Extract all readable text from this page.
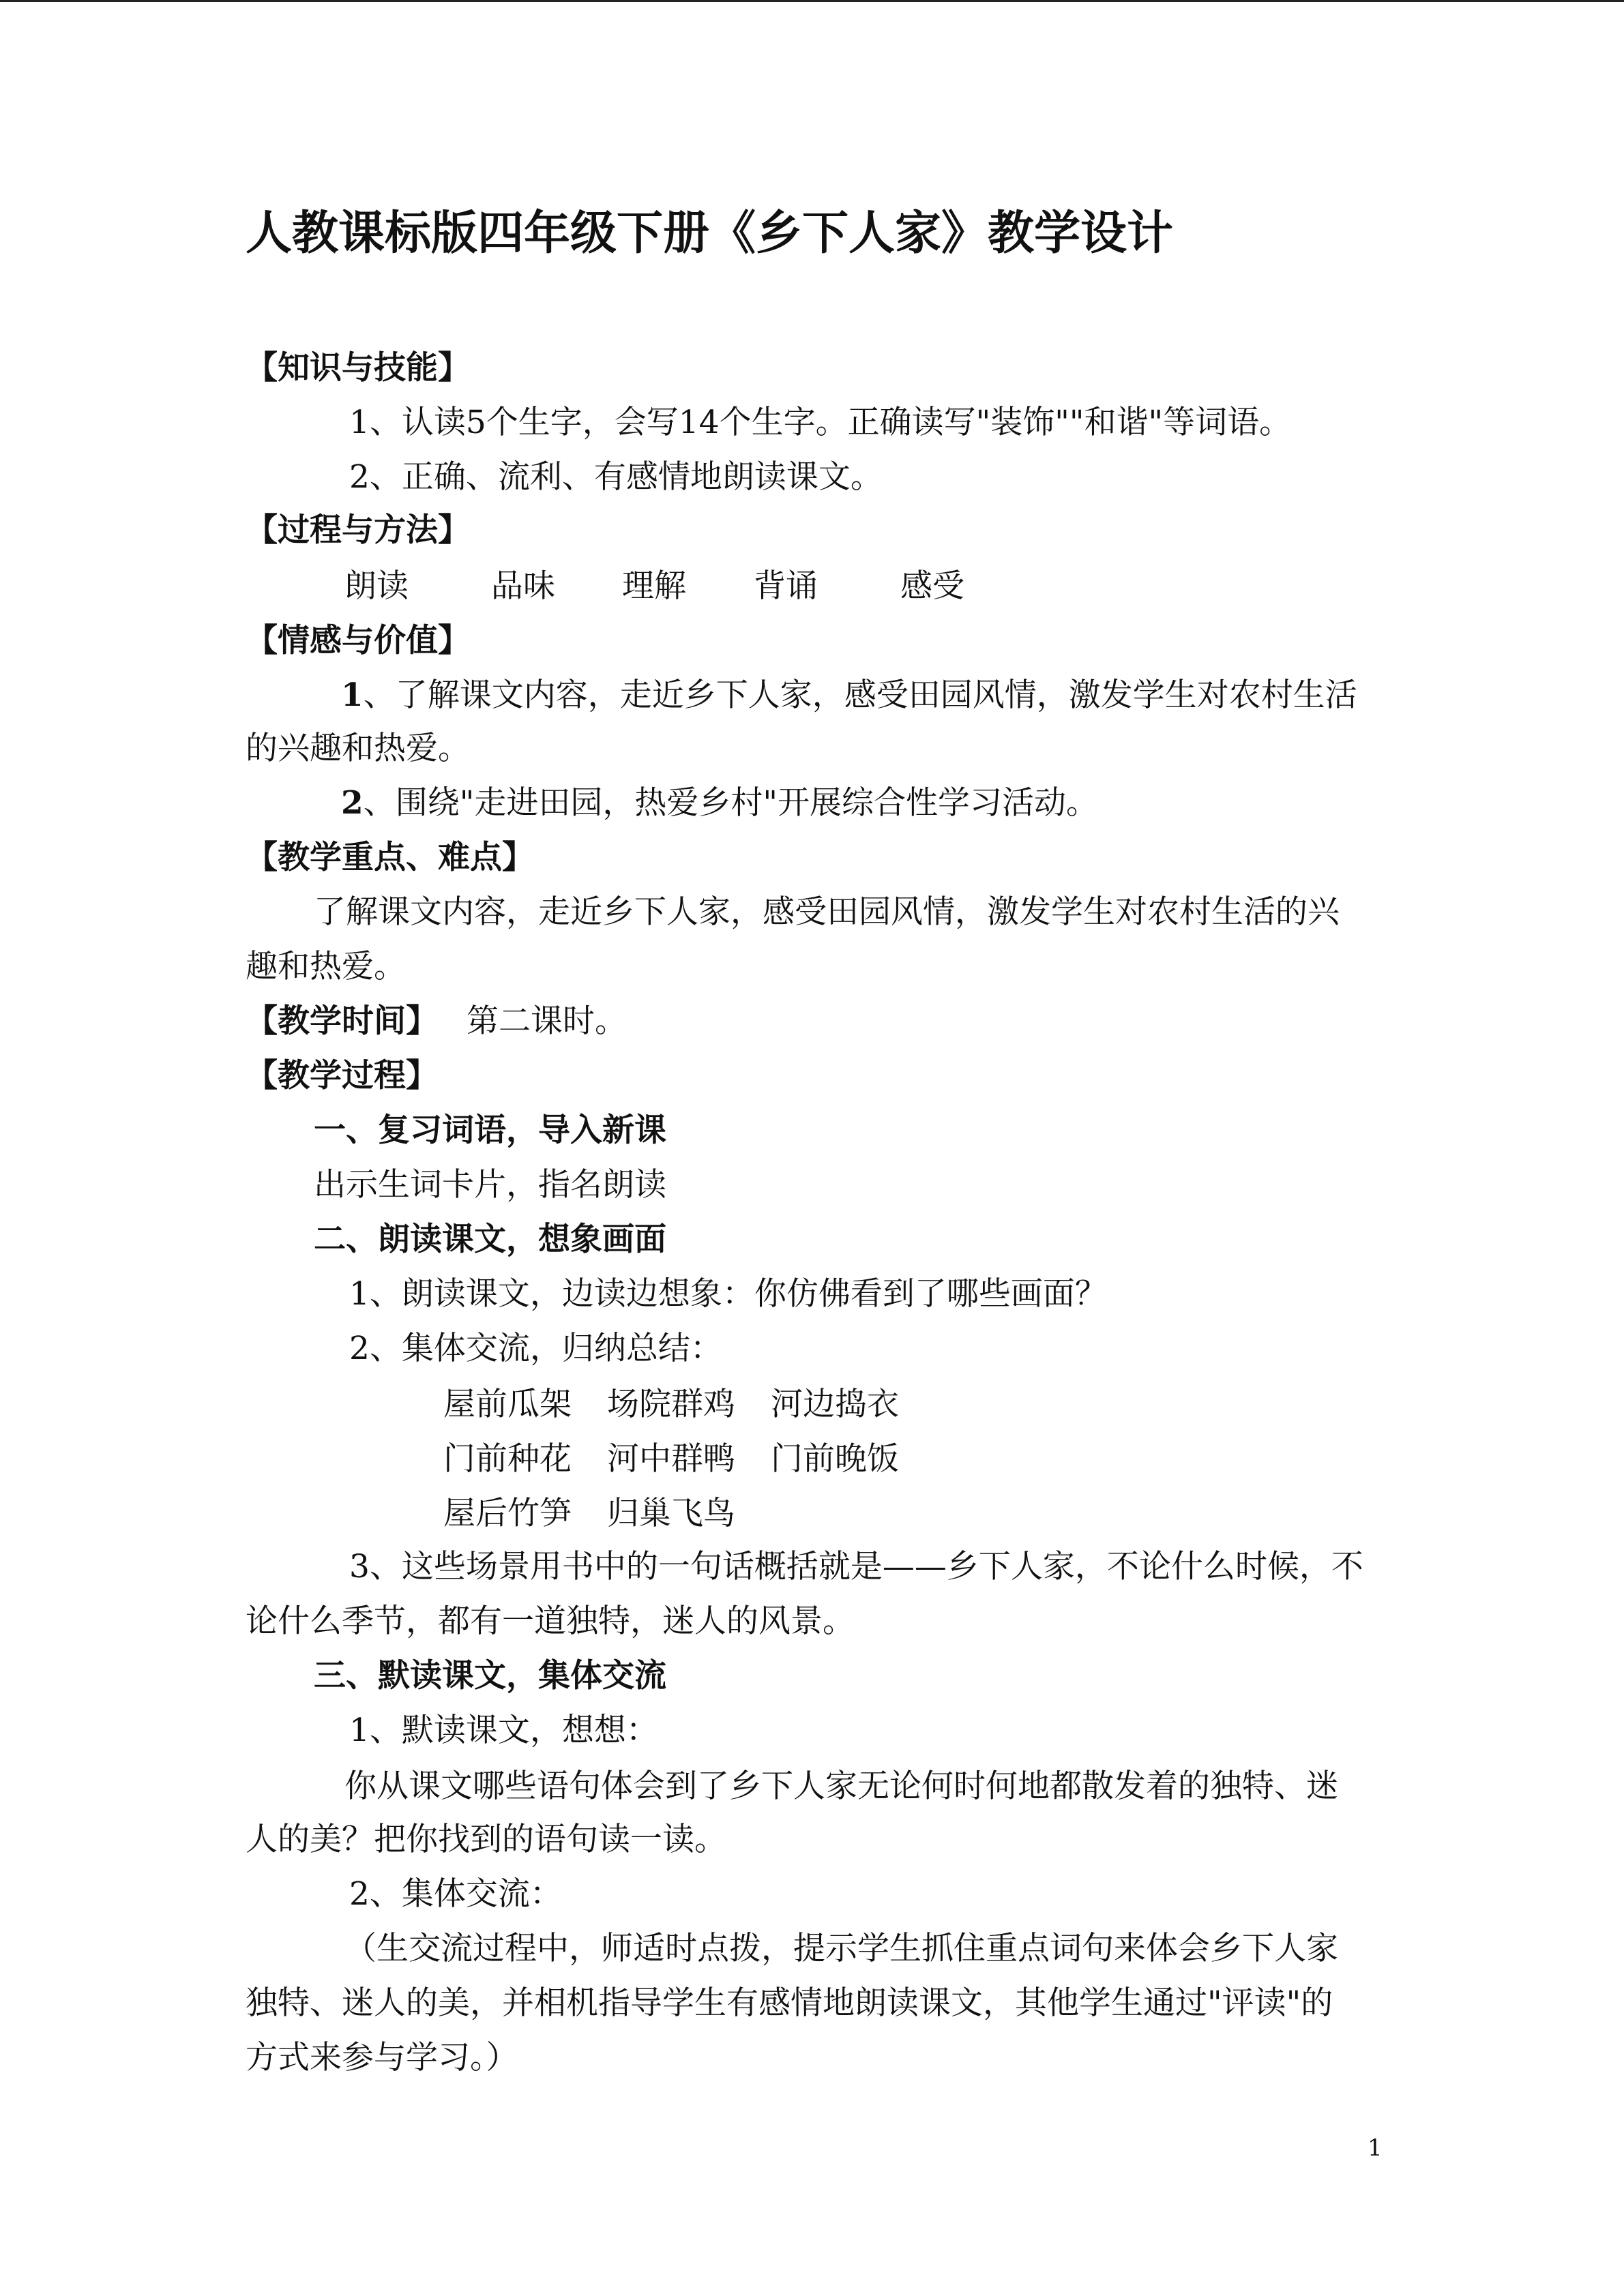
人教课标版四年级下册《乡下人家》教学设计
【知识与技能】
1、认读5个生字，会写14个生字。正确读写"装饰""和谐"等词语。
2、正确、流利、有感情地朗读课文。
【过程与方法】
朗读	品味 理解 背诵	感受
【情感与价值】
1、了解课文内容，走近乡下人家，感受田园风情，激发学生对农村生活
的兴趣和热爱。
2、围绕"走进田园，热爱乡村"开展综合性学习活动。
【教学重点、难点】
了解课文内容，走近乡下人家，感受田园风情，激发学生对农村生活的兴
趣和热爱。
【教学时间】 第二课时。
【教学过程】
一、复习词语，导入新课
出示生词卡片，指名朗读
二、朗读课文，想象画面
1、朗读课文，边读边想象：你仿佛看到了哪些画面？
2、集体交流，归纳总结：
屋前瓜架 场院群鸡 河边捣衣
门前种花 河中群鸭 门前晚饭
屋后竹笋 归巢飞鸟
3、这些场景用书中的一句话概括就是——乡下人家，不论什么时候，不
论什么季节，都有一道独特，迷人的风景。
三、默读课文，集体交流
1、默读课文，想想：
你从课文哪些语句体会到了乡下人家无论何时何地都散发着的独特、迷
人的美？把你找到的语句读一读。
2、集体交流：
（生交流过程中，师适时点拨，提示学生抓住重点词句来体会乡下人家
独特、迷人的美，并相机指导学生有感情地朗读课文，其他学生通过"评读"的
方式来参与学习。）
1
